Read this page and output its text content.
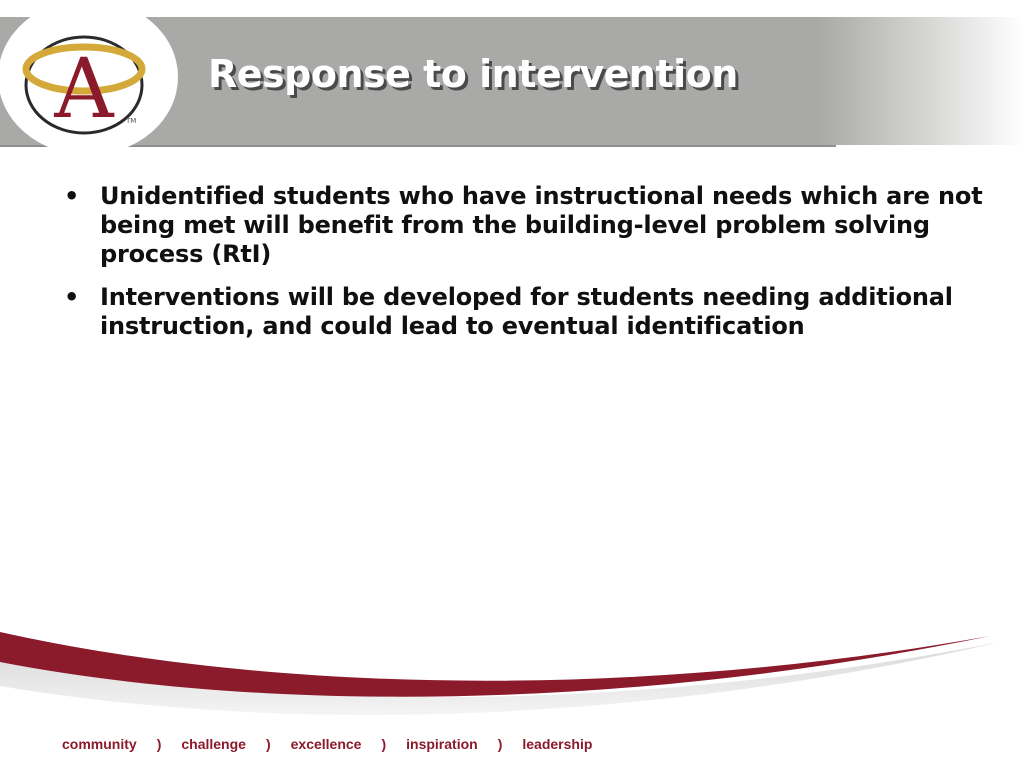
A TM
Response to intervention
• Unidentified students who have instructional needs which are not being met will benefit from the building-level problem solving process (RtI)
• Interventions will be developed for students needing additional instruction, and could lead to eventual identification
community ) challenge ) excellence ) inspiration ) leadership
